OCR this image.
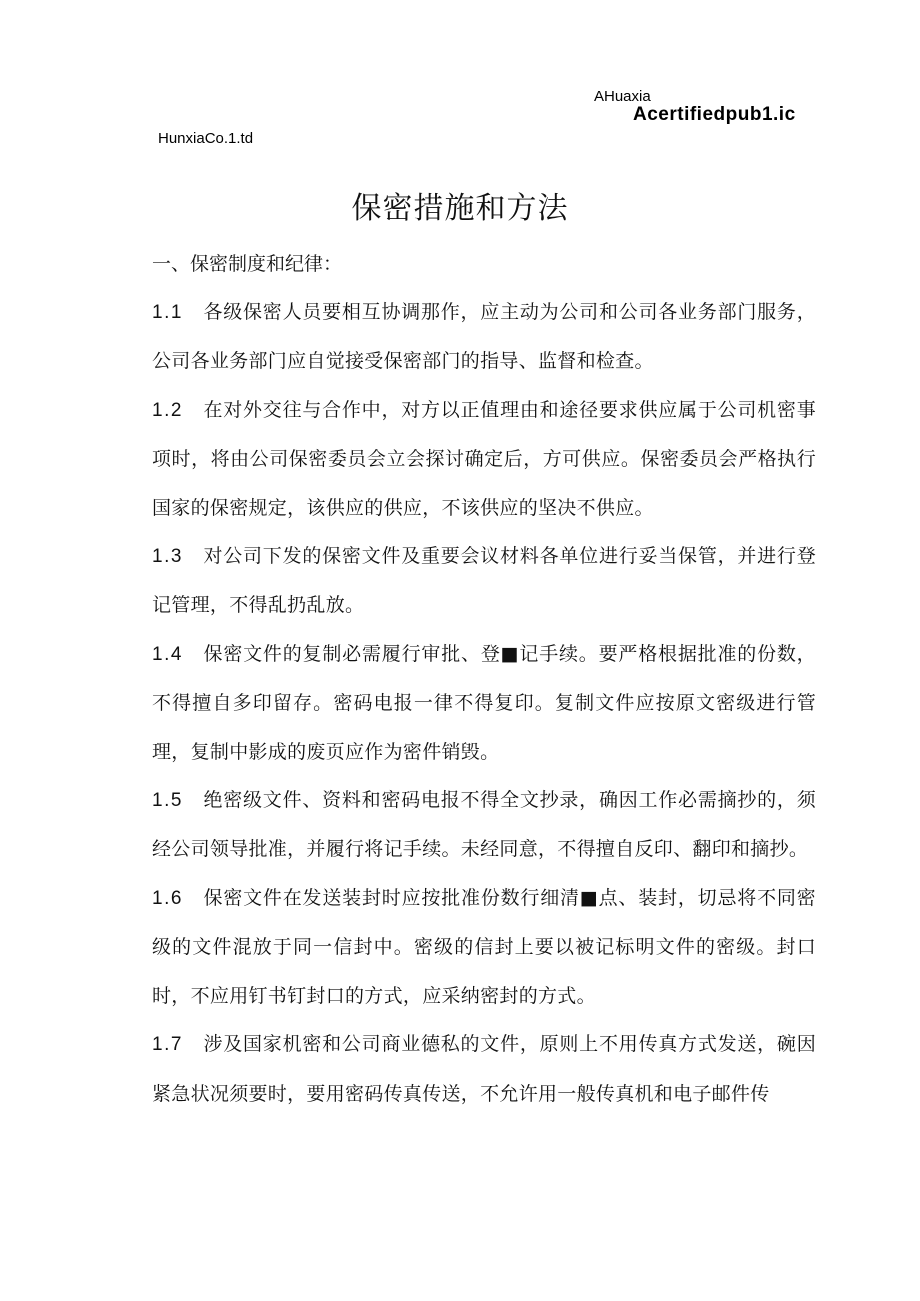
AHuaxia
Acertifiedpub1.ic
HunxiaCo.1.td
保密措施和方法

一、保密制度和纪律：

1.1 各级保密人员要相互协调那作，应主动为公司和公司各业务部门服务，公司各业务部门应自觉接受保密部门的指导、监督和检查。

1.2 在对外交往与合作中，对方以正值理由和途径要求供应属于公司机密事项时，将由公司保密委员会立会探讨确定后，方可供应。保密委员会严格执行国家的保密规定，该供应的供应，不该供应的坚决不供应。

1.3 对公司下发的保密文件及重要会议材料各单位进行妥当保管，并进行登记管理，不得乱扔乱放。

1.4 保密文件的复制必需履行审批、登■记手续。要严格根据批准的份数，不得擅自多印留存。密码电报一律不得复印。复制文件应按原文密级进行管理，复制中影成的废页应作为密件销毁。

1.5 绝密级文件、资料和密码电报不得全文抄录，确因工作必需摘抄的，须经公司领导批准，并履行将记手续。未经同意，不得擅自反印、翻印和摘抄。

1.6 保密文件在发送装封时应按批准份数行细清■点、装封，切忌将不同密级的文件混放于同一信封中。密级的信封上要以被记标明文件的密级。封口时，不应用钉书钉封口的方式，应采纳密封的方式。

1.7 涉及国家机密和公司商业德私的文件，原则上不用传真方式发送，碗因紧急状况须要时，要用密码传真传送，不允许用一般传真机和电子邮件传
